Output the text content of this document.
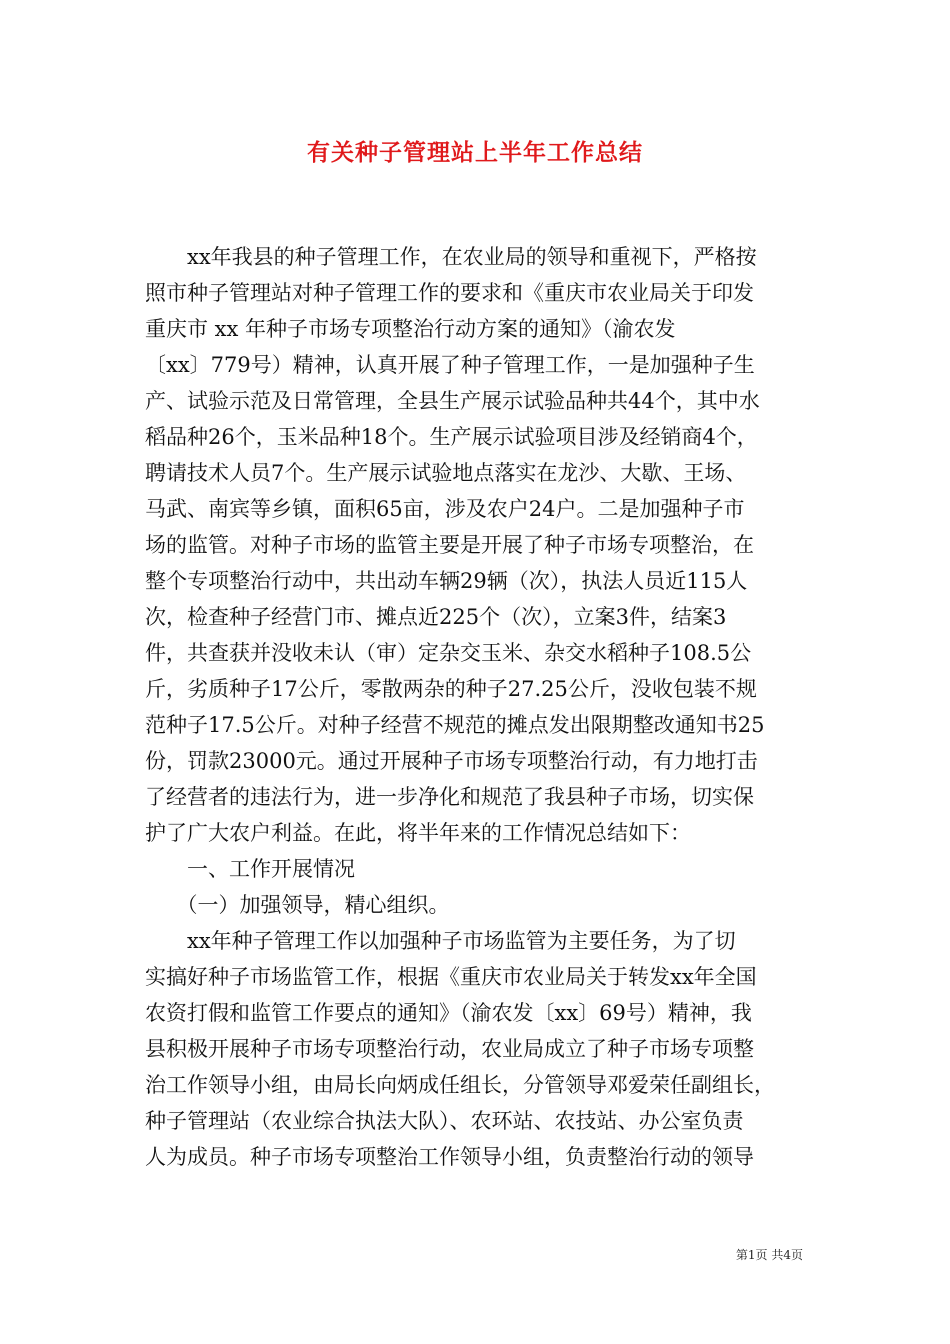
有关种子管理站上半年工作总结
　　xx年我县的种子管理工作，在农业局的领导和重视下，严格按
照市种子管理站对种子管理工作的要求和《重庆市农业局关于印发
重庆市 xx 年种子市场专项整治行动方案的通知》（渝农发
〔xx〕779号）精神，认真开展了种子管理工作，一是加强种子生
产、试验示范及日常管理，全县生产展示试验品种共44个，其中水
稻品种26个，玉米品种18个。生产展示试验项目涉及经销商4个，
聘请技术人员7个。生产展示试验地点落实在龙沙、大歇、王场、
马武、南宾等乡镇，面积65亩，涉及农户24户。二是加强种子市
场的监管。对种子市场的监管主要是开展了种子市场专项整治，在
整个专项整治行动中，共出动车辆29辆（次），执法人员近115人
次，检查种子经营门市、摊点近225个（次），立案3件，结案3
件，共查获并没收未认（审）定杂交玉米、杂交水稻种子108.5公
斤，劣质种子17公斤，零散两杂的种子27.25公斤，没收包装不规
范种子17.5公斤。对种子经营不规范的摊点发出限期整改通知书25
份，罚款23000元。通过开展种子市场专项整治行动，有力地打击
了经营者的违法行为，进一步净化和规范了我县种子市场，切实保
护了广大农户利益。在此，将半年来的工作情况总结如下：
　　一、工作开展情况
　　（一）加强领导，精心组织。
　　xx年种子管理工作以加强种子市场监管为主要任务，为了切
实搞好种子市场监管工作，根据《重庆市农业局关于转发xx年全国
农资打假和监管工作要点的通知》（渝农发〔xx〕69号）精神，我
县积极开展种子市场专项整治行动，农业局成立了种子市场专项整
治工作领导小组，由局长向炳成任组长，分管领导邓爱荣任副组长，
种子管理站（农业综合执法大队）、农环站、农技站、办公室负责
人为成员。种子市场专项整治工作领导小组，负责整治行动的领导
第1页 共4页
